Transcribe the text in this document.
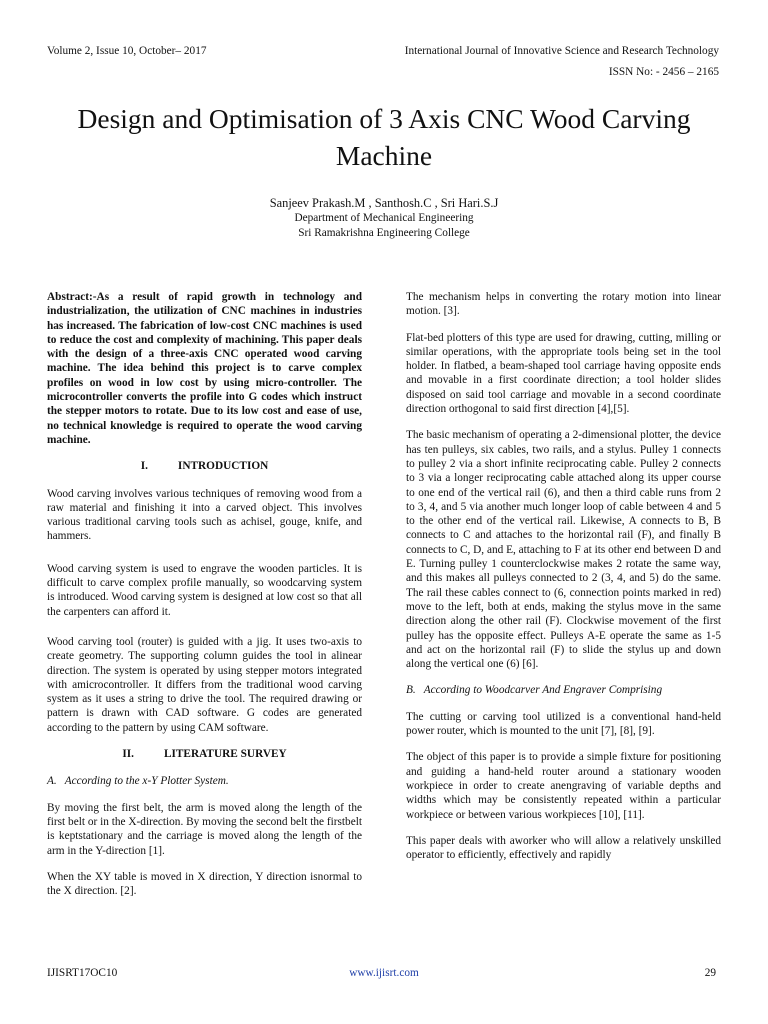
Volume 2, Issue 10, October– 2017	International Journal of Innovative Science and Research Technology
ISSN No: - 2456 – 2165
Design and Optimisation of 3 Axis CNC Wood Carving Machine
Sanjeev Prakash.M , Santhosh.C , Sri Hari.S.J
Department of Mechanical Engineering
Sri Ramakrishna Engineering College

Abstract:-As a result of rapid growth in technology and industrialization, the utilization of CNC machines in industries has increased. The fabrication of low-cost CNC machines is used to reduce the cost and complexity of machining. This paper deals with the design of a three-axis CNC operated wood carving machine. The idea behind this project is to carve complex profiles on wood in low cost by using micro-controller. The microcontroller converts the profile into G codes which instruct the stepper motors to rotate. Due to its low cost and ease of use, no technical knowledge is required to operate the wood carving machine.

I.	INTRODUCTION

Wood carving involves various techniques of removing wood from a raw material and finishing it into a carved object. This involves various traditional carving tools such as achisel, gouge, knife, and hammers.

Wood carving system is used to engrave the wooden particles. It is difficult to carve complex profile manually, so woodcarving system is introduced. Wood carving system is designed at low cost so that all the carpenters can afford it.

Wood carving tool (router) is guided with a jig. It uses two-axis to create geometry. The supporting column guides the tool in alinear direction. The system is operated by using stepper motors integrated with amicrocontroller. It differs from the traditional wood carving system as it uses a string to drive the tool. The required drawing or pattern is drawn with CAD software. G codes are generated according to the pattern by using CAM software.

II.	LITERATURE SURVEY
A. According to the x-Y Plotter System.

By moving the first belt, the arm is moved along the length of the first belt or in the X-direction. By moving the second belt the firstbelt is keptstationary and the carriage is moved along the length of the arm in the Y-direction [1].

When the XY table is moved in X direction, Y direction isnormal to the X direction. [2].

The mechanism helps in converting the rotary motion into linear motion. [3].

Flat-bed plotters of this type are used for drawing, cutting, milling or similar operations, with the appropriate tools being set in the tool holder. In flatbed, a beam-shaped tool carriage having opposite ends and movable in a first coordinate direction; a tool holder slides disposed on said tool carriage and movable in a second coordinate direction orthogonal to said first direction [4],[5].

The basic mechanism of operating a 2-dimensional plotter, the device has ten pulleys, six cables, two rails, and a stylus. Pulley 1 connects to pulley 2 via a short infinite reciprocating cable. Pulley 2 connects to 3 via a longer reciprocating cable attached along its upper course to one end of the vertical rail (6), and then a third cable runs from 2 to 3, 4, and 5 via another much longer loop of cable between 4 and 5 to the other end of the vertical rail. Likewise, A connects to B, B connects to C and attaches to the horizontal rail (F), and finally B connects to C, D, and E, attaching to F at its other end between D and E. Turning pulley 1 counterclockwise makes 2 rotate the same way, and this makes all pulleys connected to 2 (3, 4, and 5) do the same. The rail these cables connect to (6, connection points marked in red) move to the left, both at ends, making the stylus move in the same direction along the other rail (F). Clockwise movement of the first pulley has the opposite effect. Pulleys A-E operate the same as 1-5 and act on the horizontal rail (F) to slide the stylus up and down along the vertical one (6) [6].

B. According to Woodcarver And Engraver Comprising

The cutting or carving tool utilized is a conventional hand-held power router, which is mounted to the unit [7], [8], [9].

The object of this paper is to provide a simple fixture for positioning and guiding a hand-held router around a stationary wooden workpiece in order to create anengraving of variable depths and widths which may be consistently repeated within a particular workpiece or between various workpieces [10], [11].

This paper deals with aworker who will allow a relatively unskilled operator to efficiently, effectively and rapidly

IJISRT17OC10	www.ijisrt.com	29
